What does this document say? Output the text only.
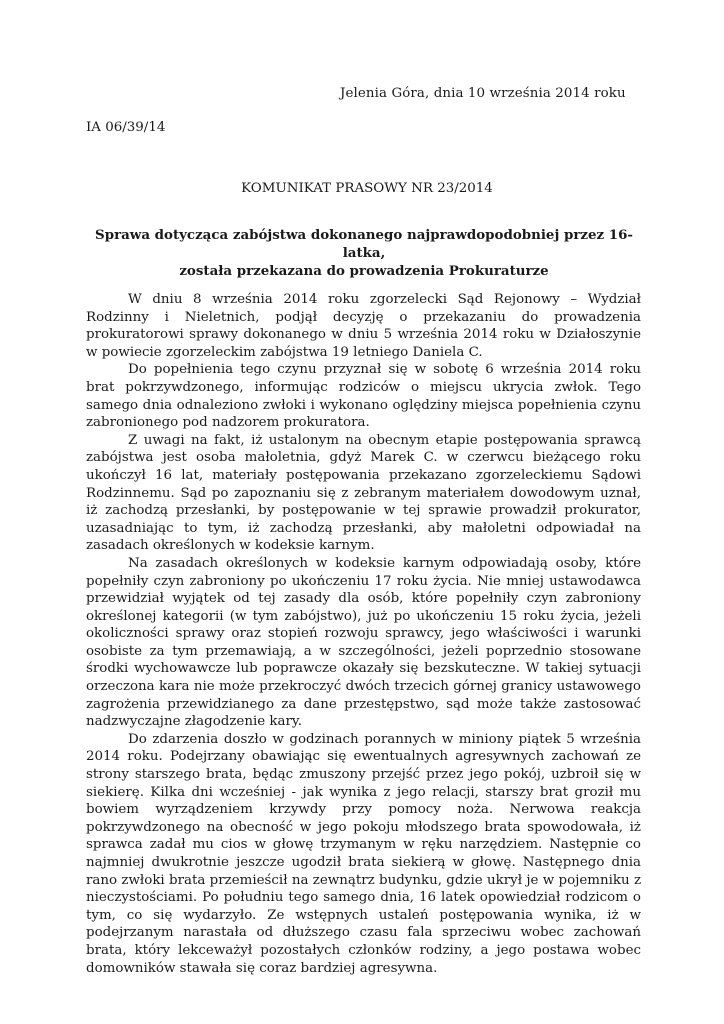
Jelenia Góra, dnia 10 września 2014 roku
IA 06/39/14
KOMUNIKAT PRASOWY NR 23/2014
Sprawa dotycząca zabójstwa dokonanego najprawdopodobniej przez 16-latka,
została przekazana do prowadzenia Prokuraturze

W dniu 8 września 2014 roku zgorzelecki Sąd Rejonowy – Wydział Rodzinny i Nieletnich, podjął decyzję o przekazaniu do prowadzenia prokuratorowi sprawy dokonanego w dniu 5 września 2014 roku w Działoszynie w powiecie zgorzeleckim zabójstwa 19 letniego Daniela C.

Do popełnienia tego czynu przyznał się w sobotę 6 września 2014 roku brat pokrzywdzonego, informując rodziców o miejscu ukrycia zwłok. Tego samego dnia odnaleziono zwłoki i wykonano oględziny miejsca popełnienia czynu zabronionego pod nadzorem prokuratora.

Z uwagi na fakt, iż ustalonym na obecnym etapie postępowania sprawcą zabójstwa jest osoba małoletnia, gdyż Marek C. w czerwcu bieżącego roku ukończył 16 lat, materiały postępowania przekazano zgorzeleckiemu Sądowi Rodzinnemu. Sąd po zapoznaniu się z zebranym materiałem dowodowym uznał, iż zachodzą przesłanki, by postępowanie w tej sprawie prowadził prokurator, uzasadniając to tym, iż zachodzą przesłanki, aby małoletni odpowiadał na zasadach określonych w kodeksie karnym.

Na zasadach określonych w kodeksie karnym odpowiadają osoby, które popełniły czyn zabroniony po ukończeniu 17 roku życia. Nie mniej ustawodawca przewidział wyjątek od tej zasady dla osób, które popełniły czyn zabroniony określonej kategorii (w tym zabójstwo), już po ukończeniu 15 roku życia, jeżeli okoliczności sprawy oraz stopień rozwoju sprawcy, jego właściwości i warunki osobiste za tym przemawiają, a w szczególności, jeżeli poprzednio stosowane środki wychowawcze lub poprawcze okazały się bezskuteczne. W takiej sytuacji orzeczona kara nie może przekroczyć dwóch trzecich górnej granicy ustawowego zagrożenia przewidzianego za dane przestępstwo, sąd może także zastosować nadzwyczajne złagodzenie kary.

Do zdarzenia doszło w godzinach porannych w miniony piątek 5 września 2014 roku. Podejrzany obawiając się ewentualnych agresywnych zachowań ze strony starszego brata, będąc zmuszony przejść przez jego pokój, uzbroił się w siekierę. Kilka dni wcześniej - jak wynika z jego relacji, starszy brat groził mu bowiem wyrządzeniem krzywdy przy pomocy noża. Nerwowa reakcja pokrzywdzonego na obecność w jego pokoju młodszego brata spowodowała, iż sprawca zadał mu cios w głowę trzymanym w ręku narzędziem. Następnie co najmniej dwukrotnie jeszcze ugodził brata siekierą w głowę. Następnego dnia rano zwłoki brata przemieścił na zewnątrz budynku, gdzie ukrył je w pojemniku z nieczystościami. Po południu tego samego dnia, 16 latek opowiedział rodzicom o tym, co się wydarzyło. Ze wstępnych ustaleń postępowania wynika, iż w podejrzanym narastała od dłuższego czasu fala sprzeciwu wobec zachowań brata, który lekceważył pozostałych członków rodziny, a jego postawa wobec domowników stawała się coraz bardziej agresywna.
